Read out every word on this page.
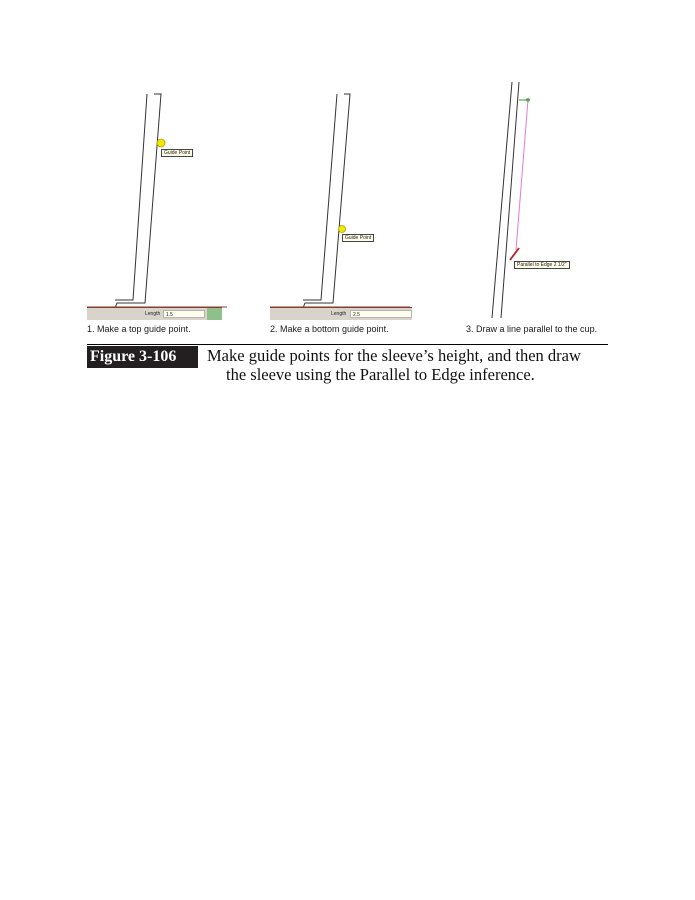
Guide Point
Length	1.5
1. Make a top guide point.
Guide Point
Length	2.5
2. Make a bottom guide point.
Parallel to Edge 2 1/2"
3. Draw a line parallel to the cup.
Figure 3-106	Make guide points for the sleeve’s height, and then draw
the sleeve using the Parallel to Edge inference.
